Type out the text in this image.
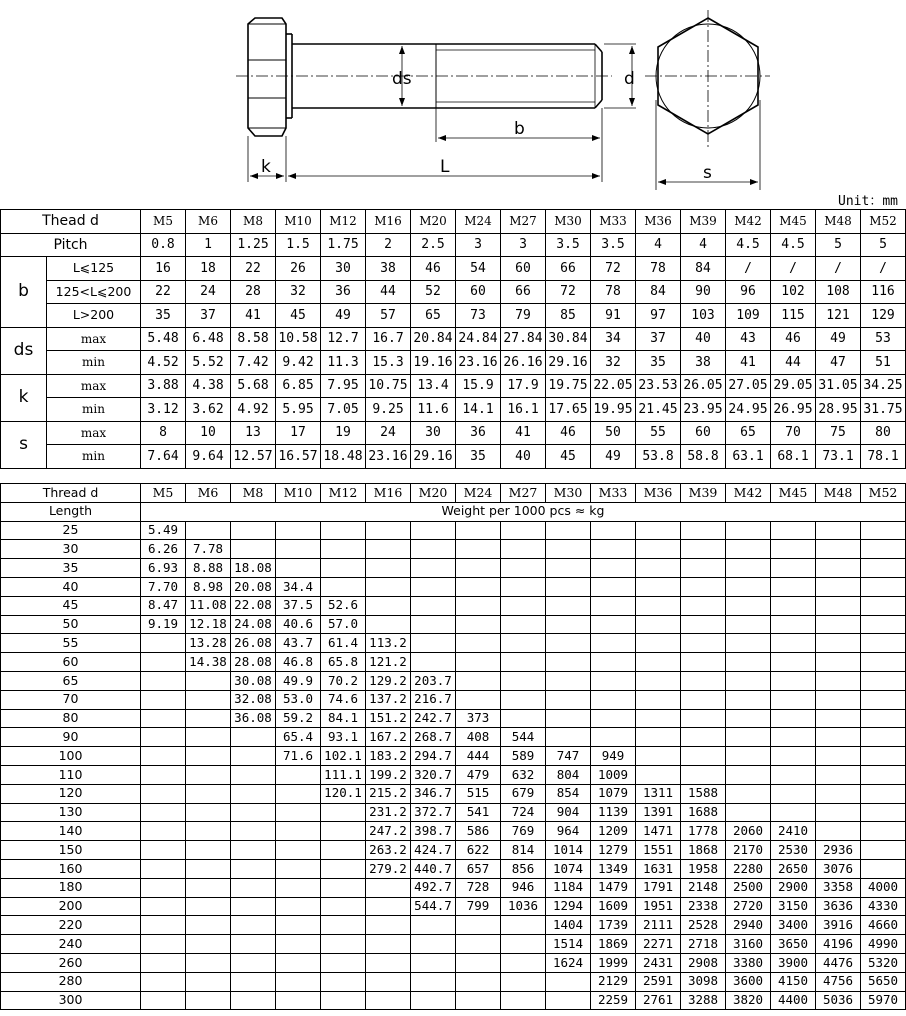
ds	d
b
k	L	s
Unit：mm
Thead d		M5	M6	M8	M10	M12	M16	M20	M24	M27	M30	M33	M36	M39	M42	M45	M48	M52
Pitch		0.8	1	1.25	1.5	1.75	2	2.5	3	3	3.5	3.5	4	4	4.5	4.5	5	5
b	L⩽125	16	18	22	26	30	38	46	54	60	66	72	78	84	/	/	/	/
	125<L⩽200	22	24	28	32	36	44	52	60	66	72	78	84	90	96	102	108	116
	L>200	35	37	41	45	49	57	65	73	79	85	91	97	103	109	115	121	129
ds	max	5.48	6.48	8.58	10.58	12.7	16.7	20.84	24.84	27.84	30.84	34	37	40	43	46	49	53
	min	4.52	5.52	7.42	9.42	11.3	15.3	19.16	23.16	26.16	29.16	32	35	38	41	44	47	51
k	max	3.88	4.38	5.68	6.85	7.95	10.75	13.4	15.9	17.9	19.75	22.05	23.53	26.05	27.05	29.05	31.05	34.25
	min	3.12	3.62	4.92	5.95	7.05	9.25	11.6	14.1	16.1	17.65	19.95	21.45	23.95	24.95	26.95	28.95	31.75
s	max	8	10	13	17	19	24	30	36	41	46	50	55	60	65	70	75	80
	min	7.64	9.64	12.57	16.57	18.48	23.16	29.16	35	40	45	49	53.8	58.8	63.1	68.1	73.1	78.1
Thread d	M5	M6	M8	M10	M12	M16	M20	M24	M27	M30	M33	M36	M39	M42	M45	M48	M52
Length	Weight per 1000 pcs ≈ kg																
25	5.49																
30	6.26	7.78															
35	6.93	8.88	18.08														
40	7.70	8.98	20.08	34.4													
45	8.47	11.08	22.08	37.5	52.6												
50	9.19	12.18	24.08	40.6	57.0												
55		13.28	26.08	43.7	61.4	113.2											
60		14.38	28.08	46.8	65.8	121.2											
65			30.08	49.9	70.2	129.2	203.7										
70			32.08	53.0	74.6	137.2	216.7										
80			36.08	59.2	84.1	151.2	242.7	373									
90				65.4	93.1	167.2	268.7	408	544								
100				71.6	102.1	183.2	294.7	444	589	747	949						
110					111.1	199.2	320.7	479	632	804	1009						
120					120.1	215.2	346.7	515	679	854	1079	1311	1588				
130						231.2	372.7	541	724	904	1139	1391	1688				
140						247.2	398.7	586	769	964	1209	1471	1778	2060	2410		
150						263.2	424.7	622	814	1014	1279	1551	1868	2170	2530	2936	
160						279.2	440.7	657	856	1074	1349	1631	1958	2280	2650	3076	
180							492.7	728	946	1184	1479	1791	2148	2500	2900	3358	4000
200							544.7	799	1036	1294	1609	1951	2338	2720	3150	3636	4330
220										1404	1739	2111	2528	2940	3400	3916	4660
240										1514	1869	2271	2718	3160	3650	4196	4990
260										1624	1999	2431	2908	3380	3900	4476	5320
280											2129	2591	3098	3600	4150	4756	5650
300											2259	2761	3288	3820	4400	5036	5970
